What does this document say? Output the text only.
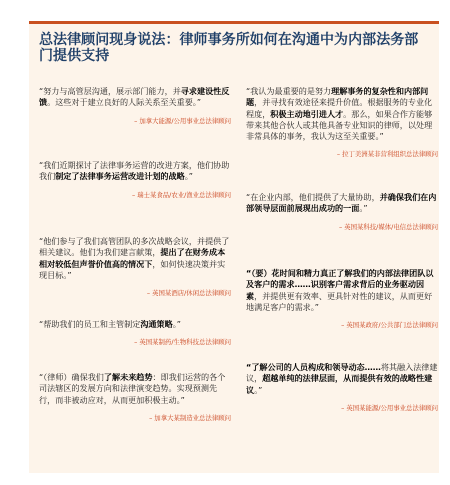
总法律顾问现身说法：律师事务所如何在沟通中为内部法务部门提供支持

“努力与高管层沟通，展示部门能力，并寻求建设性反馈。这些对于建立良好的人际关系至关重要。”

– 加拿大能源/公用事业总法律顾问

“我们近期探讨了法律事务运营的改进方案，他们协助我们制定了法律事务运营改进计划的战略。”

– 瑞士某食品/农业/渔业总法律顾问

“他们参与了我们高管团队的多次战略会议，并提供了相关建议。他们为我们建言献策，提出了在财务成本相对较低但声誉价值高的情况下，如何快速决策并实现目标。”

– 英国某酒店/休闲总法律顾问

“帮助我们的员工和主管制定沟通策略。”

– 英国某制药/生物科技总法律顾问

“（律师）确保我们了解未来趋势：即我们运营的各个司法辖区的发展方向和法律演变趋势。实现预测先行，而非被动应对，从而更加积极主动。”

– 加拿大某制造业总法律顾问

“我认为最重要的是努力理解事务的复杂性和内部问题，并寻找有效途径来提升价值。根据服务的专业化程度，积极主动地引进人才。那么，如果合作方能够带来其他合伙人或其他具备专业知识的律师，以处理非常具体的事务，我认为这至关重要。”

– 拉丁美洲某非营利组织总法律顾问

“在企业内部，他们提供了大量协助，并确保我们在内部领导层面前展现出成功的一面。”

– 英国某科技/媒体/电信总法律顾问

“（要）花时间和精力真正了解我们的内部法律团队以及客户的需求……识别客户需求背后的业务驱动因素，并提供更有效率、更具针对性的建议，从而更好地满足客户的需求。”

– 英国某政府/公共部门总法律顾问

“了解公司的人员构成和领导动态……将其融入法律建议，超越单纯的法律层面，从而提供有效的战略性建议。”

– 英国某能源/公用事业总法律顾问
